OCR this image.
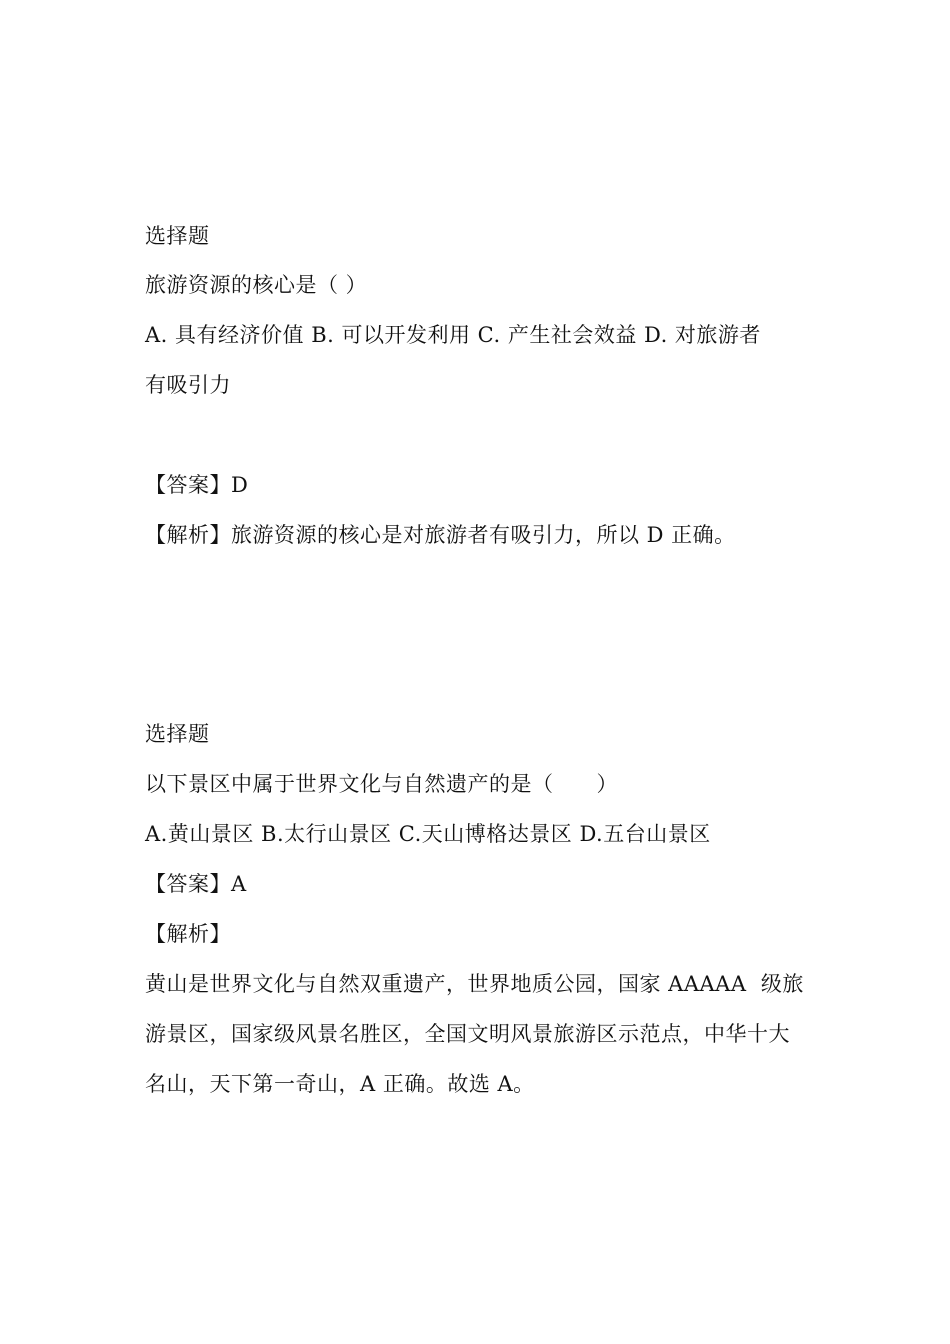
选择题
旅游资源的核心是（ ）
A. 具有经济价值 B. 可以开发利用 C. 产生社会效益 D. 对旅游者
有吸引力
【答案】D
【解析】旅游资源的核心是对旅游者有吸引力，所以 D 正确。
选择题
以下景区中属于世界文化与自然遗产的是（　　）
A.黄山景区 B.太行山景区 C.天山博格达景区 D.五台山景区
【答案】A
【解析】
黄山是世界文化与自然双重遗产，世界地质公园，国家 AAAAA  级旅
游景区，国家级风景名胜区，全国文明风景旅游区示范点，中华十大
名山，天下第一奇山，A 正确。故选 A。
